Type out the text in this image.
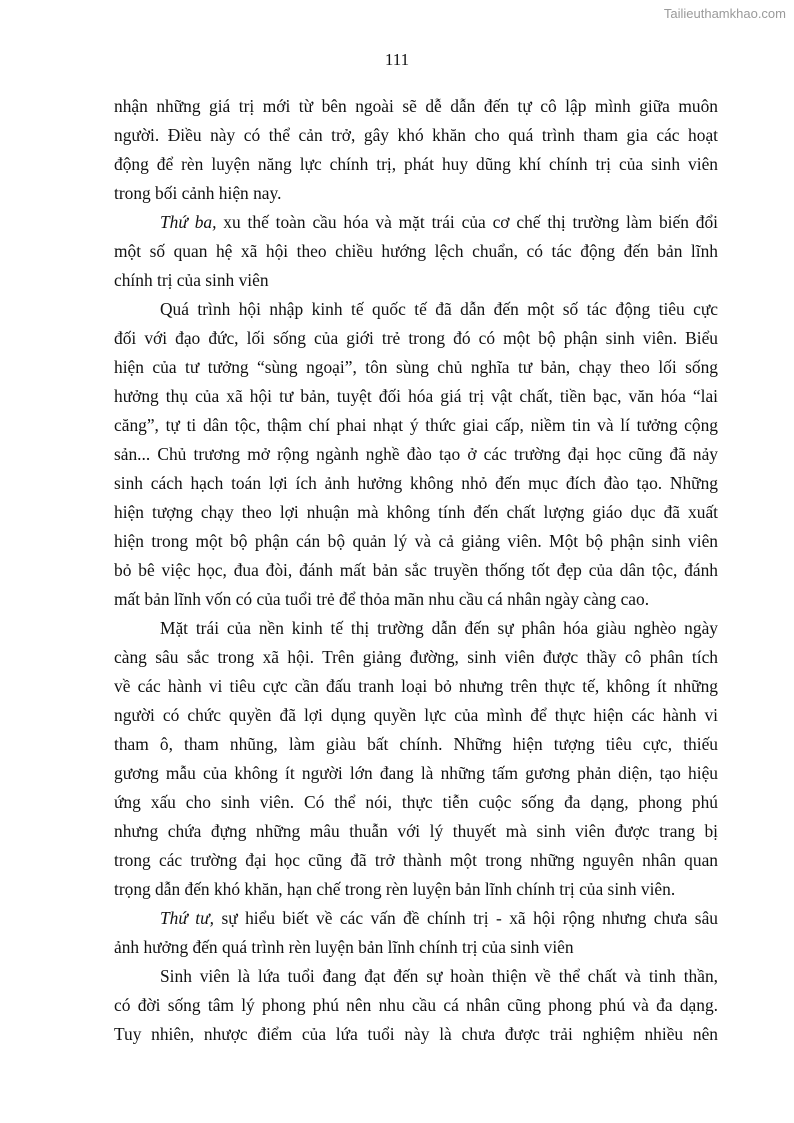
Tailieuthamkhao.com
111
nhận những giá trị mới từ bên ngoài sẽ dễ dẫn đến tự cô lập mình giữa muôn
người. Điều này có thể cản trở, gây khó khăn cho quá trình tham gia các hoạt
động để rèn luyện năng lực chính trị, phát huy dũng khí chính trị của sinh viên
trong bối cảnh hiện nay.
Thứ ba, xu thế toàn cầu hóa và mặt trái của cơ chế thị trường làm biến đổi
một số quan hệ xã hội theo chiều hướng lệch chuẩn, có tác động đến bản lĩnh
chính trị của sinh viên
Quá trình hội nhập kinh tế quốc tế đã dẫn đến một số tác động tiêu cực
đối với đạo đức, lối sống của giới trẻ trong đó có một bộ phận sinh viên. Biểu
hiện của tư tưởng “sùng ngoại”, tôn sùng chủ nghĩa tư bản, chạy theo lối sống
hưởng thụ của xã hội tư bản, tuyệt đối hóa giá trị vật chất, tiền bạc, văn hóa “lai
căng”, tự ti dân tộc, thậm chí phai nhạt ý thức giai cấp, niềm tin và lí tưởng cộng
sản... Chủ trương mở rộng ngành nghề đào tạo ở các trường đại học cũng đã nảy
sinh cách hạch toán lợi ích ảnh hưởng không nhỏ đến mục đích đào tạo. Những
hiện tượng chạy theo lợi nhuận mà không tính đến chất lượng giáo dục đã xuất
hiện trong một bộ phận cán bộ quản lý và cả giảng viên. Một bộ phận sinh viên
bỏ bê việc học, đua đòi, đánh mất bản sắc truyền thống tốt đẹp của dân tộc, đánh
mất bản lĩnh vốn có của tuổi trẻ để thỏa mãn nhu cầu cá nhân ngày càng cao.
Mặt trái của nền kinh tế thị trường dẫn đến sự phân hóa giàu nghèo ngày
càng sâu sắc trong xã hội. Trên giảng đường, sinh viên được thầy cô phân tích
về các hành vi tiêu cực cần đấu tranh loại bỏ nhưng trên thực tế, không ít những
người có chức quyền đã lợi dụng quyền lực của mình để thực hiện các hành vi
tham ô, tham nhũng, làm giàu bất chính. Những hiện tượng tiêu cực, thiếu
gương mẫu của không ít người lớn đang là những tấm gương phản diện, tạo hiệu
ứng xấu cho sinh viên. Có thể nói, thực tiễn cuộc sống đa dạng, phong phú
nhưng chứa đựng những mâu thuẫn với lý thuyết mà sinh viên được trang bị
trong các trường đại học cũng đã trở thành một trong những nguyên nhân quan
trọng dẫn đến khó khăn, hạn chế trong rèn luyện bản lĩnh chính trị của sinh viên.
Thứ tư, sự hiểu biết về các vấn đề chính trị - xã hội rộng nhưng chưa sâu
ảnh hưởng đến quá trình rèn luyện bản lĩnh chính trị của sinh viên
Sinh viên là lứa tuổi đang đạt đến sự hoàn thiện về thể chất và tinh thần,
có đời sống tâm lý phong phú nên nhu cầu cá nhân cũng phong phú và đa dạng.
Tuy nhiên, nhược điểm của lứa tuổi này là chưa được trải nghiệm nhiều nên
